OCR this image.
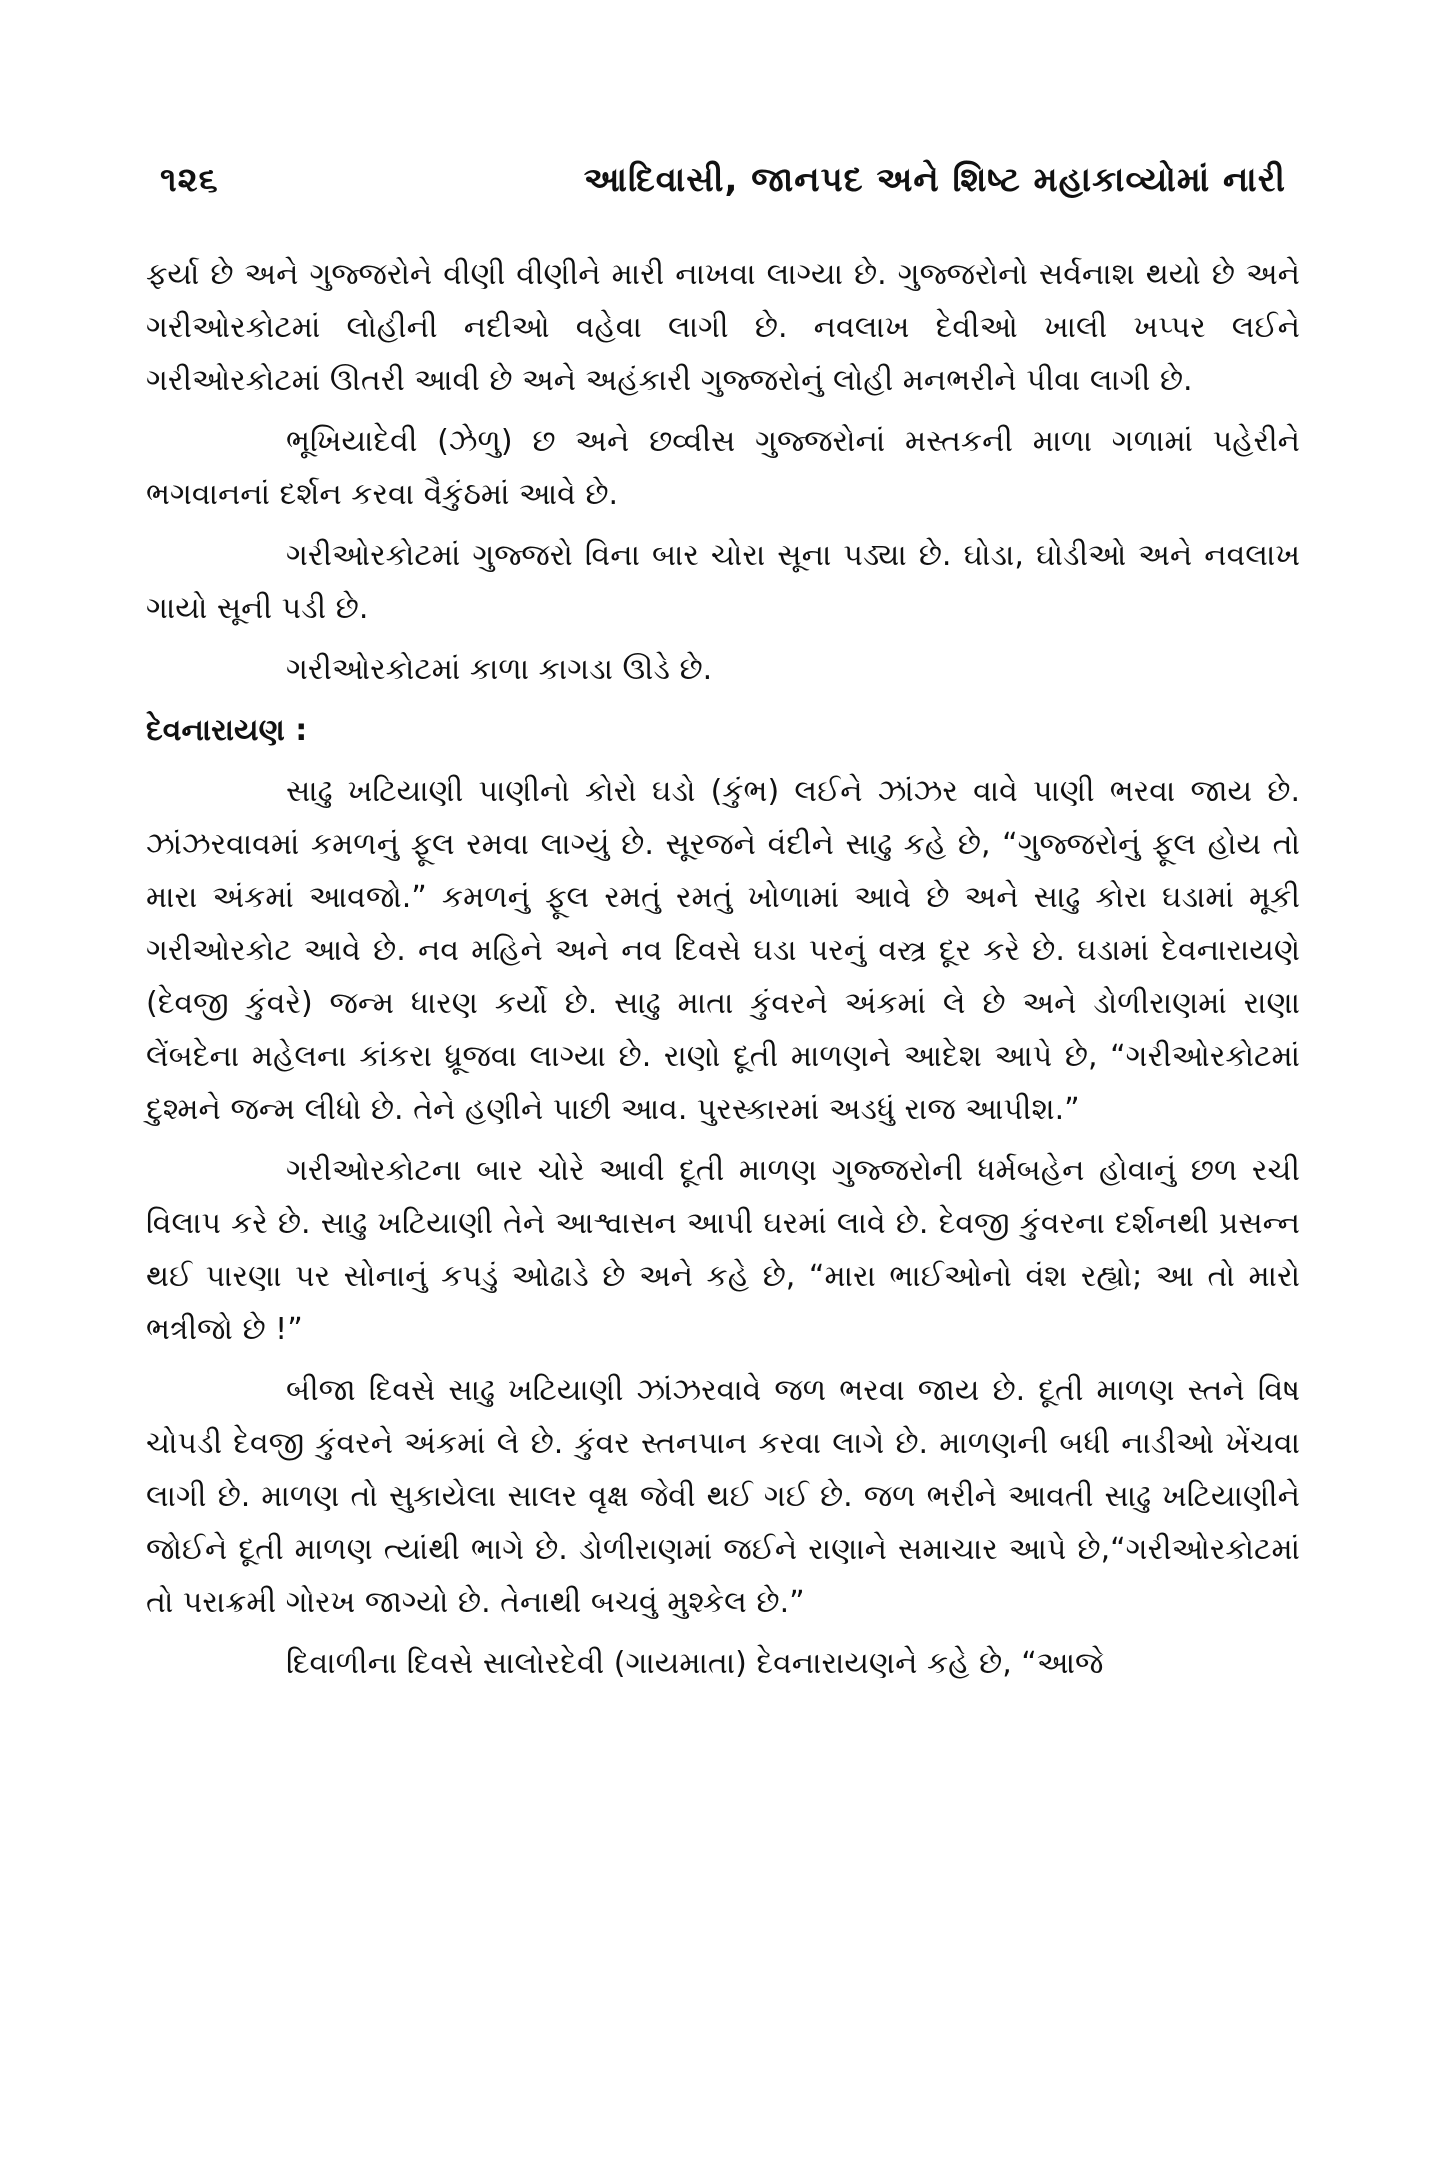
૧૨૬	આદિવાસી, જાનપદ અને શિષ્ટ મહાકાવ્યોમાં નારી

ફર્યા છે અને ગુજ્જરોને વીણી વીણીને મારી નાખવા લાગ્યા છે. ગુજ્જરોનો સર્વનાશ થયો છે અને ગરીઓરકોટમાં લોહીની નદીઓ વહેવા લાગી છે. નવલાખ દેવીઓ ખાલી ખપ્પર લઈને ગરીઓરકોટમાં ઊતરી આવી છે અને અહંકારી ગુજ્જરોનું લોહી મનભરીને પીવા લાગી છે.

ભૂખિયાદેવી (ઝેળુ) છ અને છવ્વીસ ગુજ્જરોનાં મસ્તકની માળા ગળામાં પહેરીને ભગવાનનાં દર્શન કરવા વૈકુંઠમાં આવે છે.

ગરીઓરકોટમાં ગુજ્જરો વિના બાર ચોરા સૂના પડ્યા છે. ઘોડા, ઘોડીઓ અને નવલાખ ગાયો સૂની પડી છે.

ગરીઓરકોટમાં કાળા કાગડા ઊડે છે.

દેવનારાયણ :

સાઢુ ખટિયાણી પાણીનો કોરો ઘડો (કુંભ) લઈને ઝાંઝર વાવે પાણી ભરવા જાય છે. ઝાંઝરવાવમાં કમળનું ફૂલ રમવા લાગ્યું છે. સૂરજને વંદીને સાઢુ કહે છે, “ગુજ્જરોનું ફૂલ હોય તો મારા અંકમાં આવજો.” કમળનું ફૂલ રમતું રમતું ખોળામાં આવે છે અને સાઢુ કોરા ઘડામાં મૂકી ગરીઓરકોટ આવે છે. નવ મહિને અને નવ દિવસે ઘડા પરનું વસ્ત્ર દૂર કરે છે. ઘડામાં દેવનારાયણે (દેવજી કુંવરે) જન્મ ધારણ કર્યો છે. સાઢુ માતા કુંવરને અંકમાં લે છે અને ડોળીરાણમાં રાણા લેંબદેના મહેલના કાંકરા ધ્રૂજવા લાગ્યા છે. રાણો દૂતી માળણને આદેશ આપે છે, “ગરીઓરકોટમાં દુશ્મને જન્મ લીધો છે. તેને હણીને પાછી આવ. પુરસ્કારમાં અડધું રાજ આપીશ.”

ગરીઓરકોટના બાર ચોરે આવી દૂતી માળણ ગુજ્જરોની ધર્મબહેન હોવાનું છળ રચી વિલાપ કરે છે. સાઢુ ખટિયાણી તેને આશ્વાસન આપી ઘરમાં લાવે છે. દેવજી કુંવરના દર્શનથી પ્રસન્ન થઈ પારણા પર સોનાનું કપડું ઓઢાડે છે અને કહે છે, “મારા ભાઈઓનો વંશ રહ્યો; આ તો મારો ભત્રીજો છે !”

બીજા દિવસે સાઢુ ખટિયાણી ઝાંઝરવાવે જળ ભરવા જાય છે. દૂતી માળણ સ્તને વિષ ચોપડી દેવજી કુંવરને અંકમાં લે છે. કુંવર સ્તનપાન કરવા લાગે છે. માળણની બધી નાડીઓ ખેંચવા લાગી છે. માળણ તો સુકાયેલા સાલર વૃક્ષ જેવી થઈ ગઈ છે. જળ ભરીને આવતી સાઢુ ખટિયાણીને જોઈને દૂતી માળણ ત્યાંથી ભાગે છે. ડોળીરાણમાં જઈને રાણાને સમાચાર આપે છે,“ગરીઓરકોટમાં તો પરાક્રમી ગોરખ જાગ્યો છે. તેનાથી બચવું મુશ્કેલ છે.”

દિવાળીના દિવસે સાલોરદેવી (ગાયમાતા) દેવનારાયણને કહે છે, “આજે
